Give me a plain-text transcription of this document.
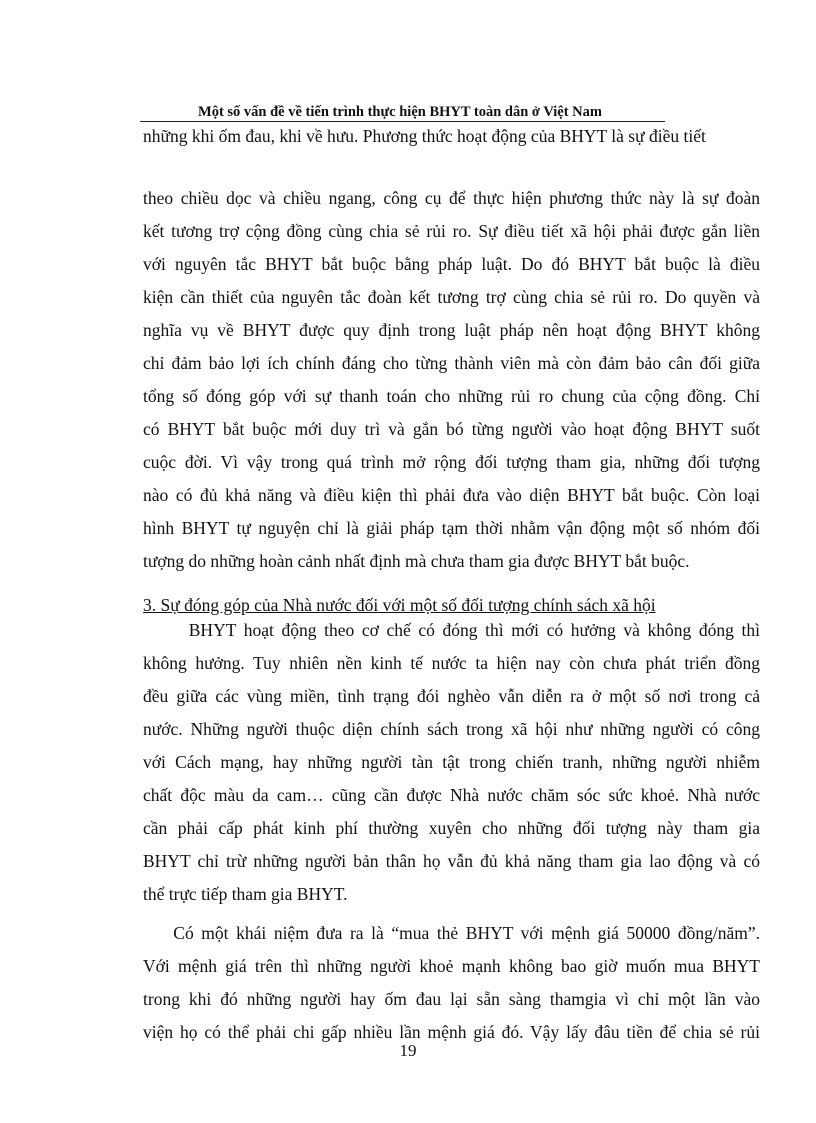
Một số vấn đề về tiến trình thực hiện BHYT toàn dân ở Việt Nam
những khi ốm đau, khi về hưu. Phương thức hoạt động của BHYT là sự điều tiết
theo chiều dọc và chiều ngang, công cụ để thực hiện phương thức này là sự đoàn
kết tương trợ cộng đồng cùng chia sẻ rủi ro. Sự điều tiết xã hội phải được gắn liền
với nguyên tắc BHYT bắt buộc bằng pháp luật. Do đó BHYT bắt buộc là điều
kiện cần thiết của nguyên tắc đoàn kết tương trợ cùng chia sẻ rủi ro. Do quyền và
nghĩa vụ về BHYT được quy định trong luật pháp nên hoạt động BHYT không
chỉ đảm bảo lợi ích chính đáng cho từng thành viên mà còn đảm bảo cân đối giữa
tổng số đóng góp với sự thanh toán cho những rủi ro chung của cộng đồng. Chỉ
có BHYT bắt buộc mới duy trì và gắn bó từng người vào hoạt động BHYT suốt
cuộc đời. Vì vậy trong quá trình mở rộng đối tượng tham gia, những đối tượng
nào có đủ khả năng và điều kiện thì phải đưa vào diện BHYT bắt buộc. Còn loại
hình BHYT tự nguyện chỉ là giải pháp tạm thời nhằm vận động một số nhóm đối
tượng do những hoàn cảnh nhất định mà chưa tham gia được BHYT bắt buộc.
3. Sự đóng góp của Nhà nước đối với một số đối tượng chính sách xã hội
BHYT hoạt động theo cơ chế có đóng thì mới có hưởng và không đóng thì
không hưởng. Tuy nhiên nền kinh tế nước ta hiện nay còn chưa phát triển đồng
đều giữa các vùng miền, tình trạng đói nghèo vẫn diễn ra ở một số nơi trong cả
nước. Những người thuộc diện chính sách trong xã hội như những người có công
với Cách mạng, hay những người tàn tật trong chiến tranh, những người nhiễm
chất độc màu da cam… cũng cần được Nhà nước chăm sóc sức khoẻ. Nhà nước
cần phải cấp phát kinh phí thường xuyên cho những đối tượng này tham gia
BHYT chỉ trừ những người bản thân họ vẫn đủ khả năng tham gia lao động và có
thể trực tiếp tham gia BHYT.
Có một khái niệm đưa ra là “mua thẻ BHYT với mệnh giá 50000 đồng/năm”.
Với mệnh giá trên thì những người khoẻ mạnh không bao giờ muốn mua BHYT
trong khi đó những người hay ốm đau lại sẵn sàng thamgia vì chỉ một lần vào
viện họ có thể phải chi gấp nhiều lần mệnh giá đó. Vậy lấy đâu tiền để chia sẻ rủi
19
